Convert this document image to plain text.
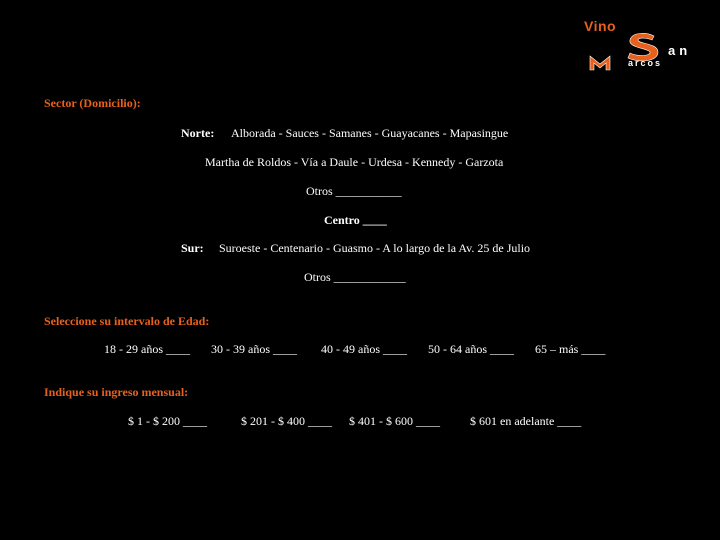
Vino
an
arcos
Sector (Domicilio):
Norte: Alborada - Sauces - Samanes - Guayacanes - Mapasingue
Martha de Roldos - Vía a Daule - Urdesa - Kennedy - Garzota
Otros ___________
Centro ____
Sur: Suroeste - Centenario - Guasmo - A lo largo de la Av. 25 de Julio
Otros ____________
Seleccione su intervalo de Edad:
18 - 29 años ____ 30 - 39 años ____ 40 - 49 años ____ 50 - 64 años ____ 65 – más ____
Indique su ingreso mensual:
$ 1 - $ 200 ____	$ 201 - $ 400 ____ $ 401 - $ 600 ____	$ 601 en adelante ____
